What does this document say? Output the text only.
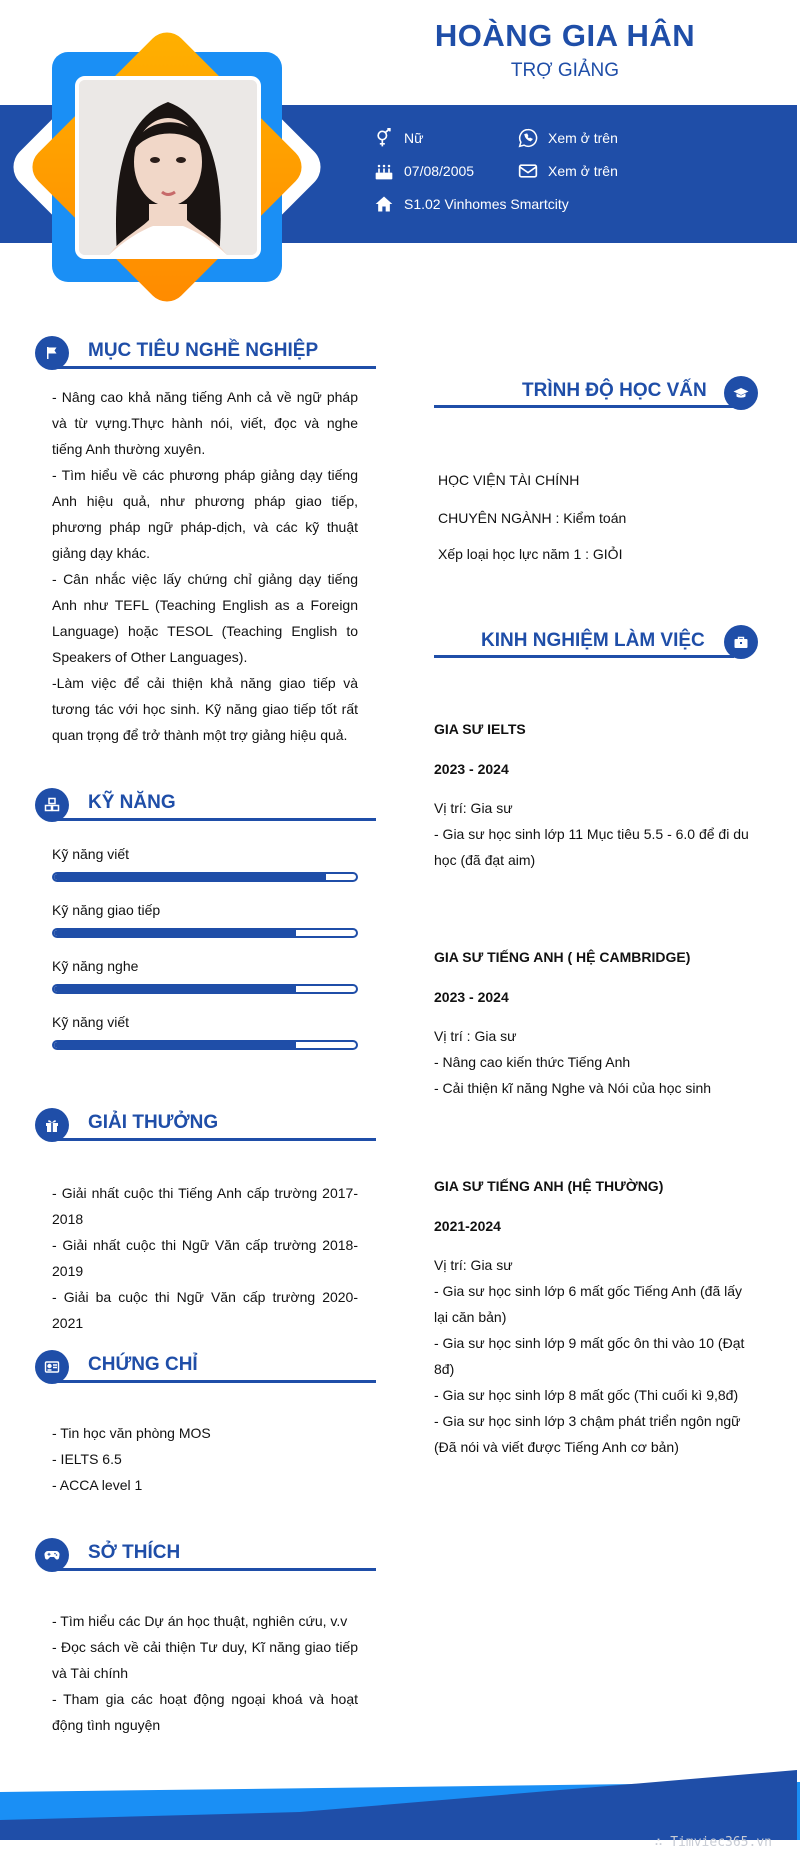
HOÀNG GIA HÂN
TRỢ GIẢNG
Nữ	Xem ở trên
07/08/2005	Xem ở trên
S1.02 Vinhomes Smartcity
MỤC TIÊU NGHỀ NGHIỆP

- Nâng cao khả năng tiếng Anh cả về ngữ pháp và từ vựng.Thực hành nói, viết, đọc và nghe tiếng Anh thường xuyên.

- Tìm hiểu về các phương pháp giảng dạy tiếng Anh hiệu quả, như phương pháp giao tiếp, phương pháp ngữ pháp-dịch, và các kỹ thuật giảng dạy khác.

- Cân nhắc việc lấy chứng chỉ giảng dạy tiếng Anh như TEFL (Teaching English as a Foreign Language) hoặc TESOL (Teaching English to Speakers of Other Languages).

-Làm việc để cải thiện khả năng giao tiếp và tương tác với học sinh. Kỹ năng giao tiếp tốt rất quan trọng để trở thành một trợ giảng hiệu quả.

KỸ NĂNG
Kỹ năng viết
Kỹ năng giao tiếp
Kỹ năng nghe
Kỹ năng viết
GIẢI THƯỞNG

- Giải nhất cuộc thi Tiếng Anh cấp trường 2017-2018

- Giải nhất cuộc thi Ngữ Văn cấp trường 2018-2019

- Giải ba cuộc thi Ngữ Văn cấp trường 2020-2021

CHỨNG CHỈ

- Tin học văn phòng MOS

- IELTS 6.5

- ACCA level 1

SỞ THÍCH

- Tìm hiểu các Dự án học thuật, nghiên cứu, v.v

- Đọc sách về cải thiện Tư duy, Kĩ năng giao tiếp và Tài chính

- Tham gia các hoạt động ngoại khoá và hoạt động tình nguyện

TRÌNH ĐỘ HỌC VẤN
HỌC VIỆN TÀI CHÍNH
CHUYÊN NGÀNH : Kiểm toán
Xếp loại học lực năm 1 : GIỎI
KINH NGHIỆM LÀM VIỆC
GIA SƯ IELTS
2023 - 2024
Vị trí: Gia sư
- Gia sư học sinh lớp 11 Mục tiêu 5.5 - 6.0 để đi du học (đã đạt aim)
GIA SƯ TIẾNG ANH ( HỆ CAMBRIDGE)
2023 - 2024
Vị trí : Gia sư
- Nâng cao kiến thức Tiếng Anh
- Cải thiện kĩ năng Nghe và Nói của học sinh
GIA SƯ TIẾNG ANH (HỆ THƯỜNG)
2021-2024
Vị trí: Gia sư
- Gia sư học sinh lớp 6 mất gốc Tiếng Anh (đã lấy lại căn bản)
- Gia sư học sinh lớp 9 mất gốc ôn thi vào 10 (Đạt 8đ)
- Gia sư học sinh lớp 8 mất gốc (Thi cuối kì 9,8đ)
- Gia sư học sinh lớp 3 chậm phát triển ngôn ngữ (Đã nói và viết được Tiếng Anh cơ bản)
∴ Timviec365.vn
